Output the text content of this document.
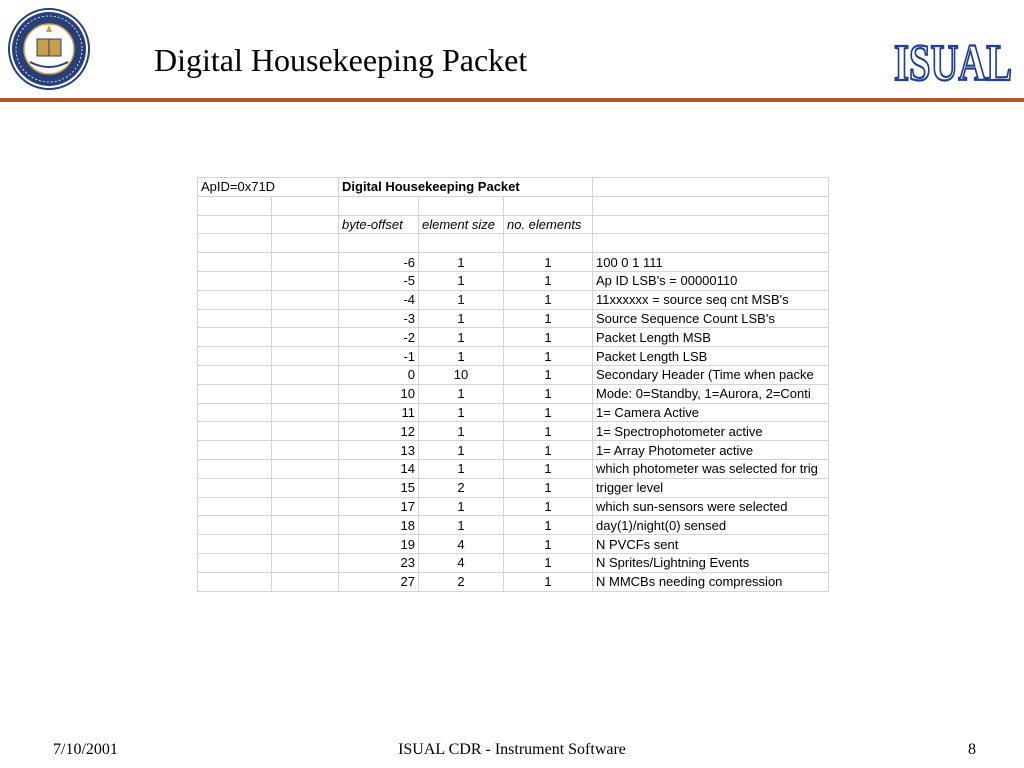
Digital Housekeeping Packet	ISUAL
ApID=0x71D		Digital Housekeeping Packet			

		byte-offset	element size	no. elements	

		-6	1	1	100 0 1 111
		-5	1	1	Ap ID LSB's = 00000110
		-4	1	1	11xxxxxx = source seq cnt MSB's
		-3	1	1	Source Sequence Count LSB's
		-2	1	1	Packet Length MSB
		-1	1	1	Packet Length LSB
		0	10	1	Secondary Header (Time when packe
		10	1	1	Mode: 0=Standby, 1=Aurora, 2=Conti
		11	1	1	1= Camera Active
		12	1	1	1= Spectrophotometer active
		13	1	1	1= Array Photometer active
		14	1	1	which photometer was selected for trig
		15	2	1	trigger level
		17	1	1	which sun-sensors were selected
		18	1	1	day(1)/night(0) sensed
		19	4	1	N PVCFs sent
		23	4	1	N Sprites/Lightning Events
		27	2	1	N MMCBs needing compression
7/10/2001	ISUAL CDR - Instrument Software	8
